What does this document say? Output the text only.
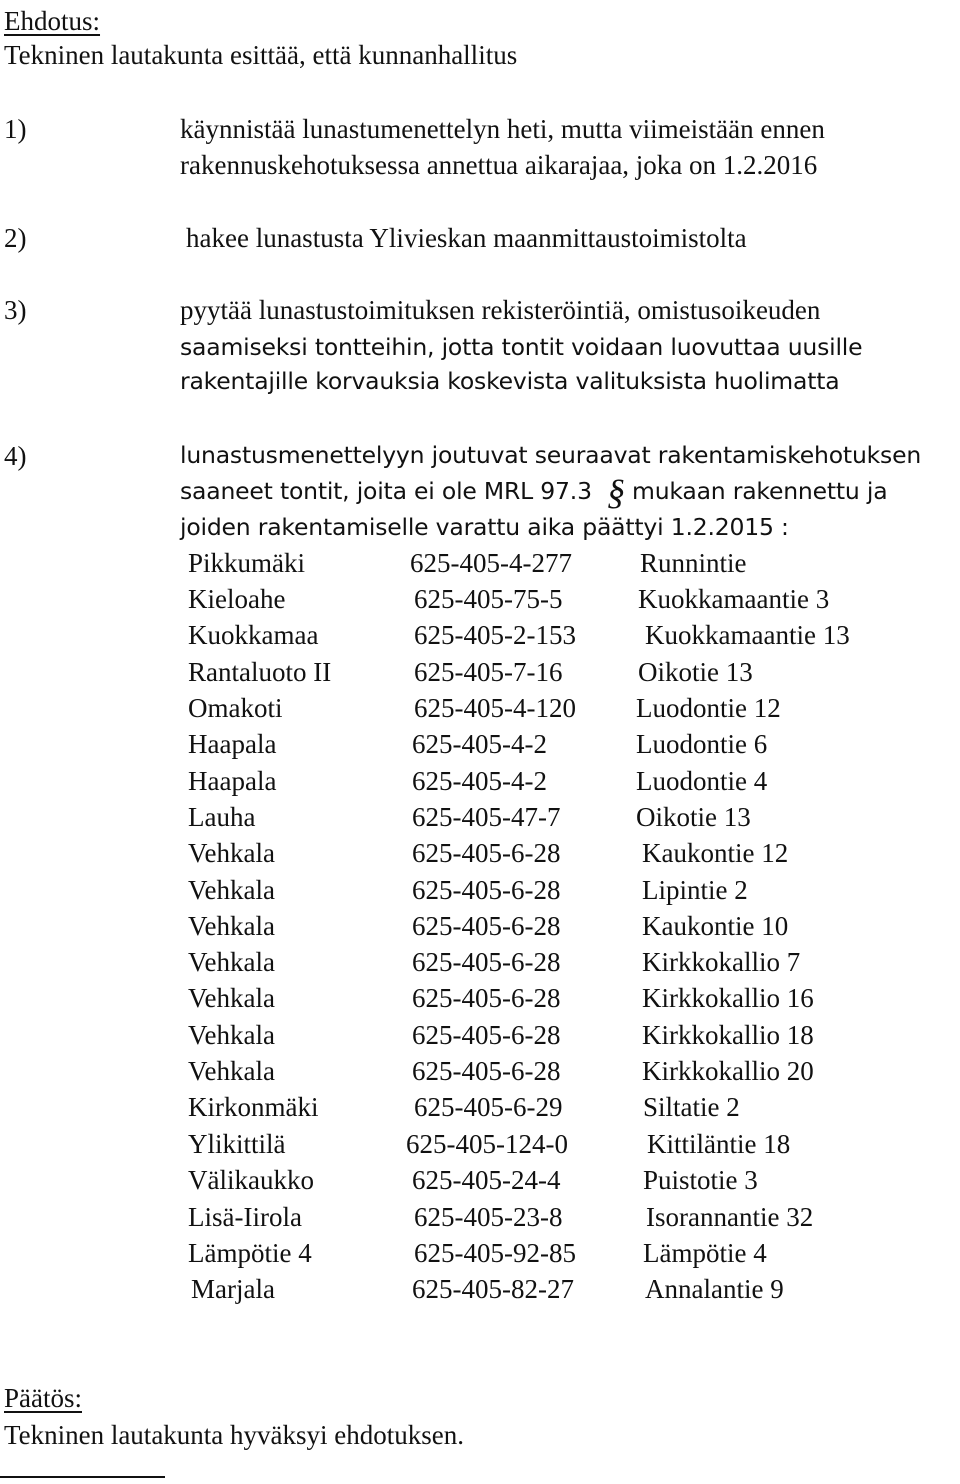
Ehdotus:
Tekninen lautakunta esittää, että kunnanhallitus
1)	käynnistää lunastumenettelyn heti, mutta viimeistään ennen
rakennuskehotuksessa annettua aikarajaa, joka on 1.2.2016
2)	hakee lunastusta Ylivieskan maanmittaustoimistolta
3)	pyytää lunastustoimituksen rekisteröintiä, omistusoikeuden
saamiseksi tontteihin, jotta tontit voidaan luovuttaa uusille
rakentajille korvauksia koskevista valituksista huolimatta
4)	lunastusmenettelyyn joutuvat seuraavat rakentamiskehotuksen
saaneet tontit, joita ei ole MRL 97.3 § mukaan rakennettu ja
joiden rakentamiselle varattu aika päättyi 1.2.2015 :
Pikkumäki	625-405-4-277	Runnintie
Kieloahe	625-405-75-5	Kuokkamaantie 3
Kuokkamaa	625-405-2-153	Kuokkamaantie 13
Rantaluoto II	625-405-7-16	Oikotie 13
Omakoti	625-405-4-120 Luodontie 12
Haapala	625-405-4-2	Luodontie 6
Haapala	625-405-4-2	Luodontie 4
Lauha	625-405-47-7	Oikotie 13
Vehkala	625-405-6-28	Kaukontie 12
Vehkala	625-405-6-28	Lipintie 2
Vehkala	625-405-6-28	Kaukontie 10
Vehkala	625-405-6-28	Kirkkokallio 7
Vehkala	625-405-6-28	Kirkkokallio 16
Vehkala	625-405-6-28	Kirkkokallio 18
Vehkala	625-405-6-28	Kirkkokallio 20
Kirkonmäki	625-405-6-29	Siltatie 2
Ylikittilä	625-405-124-0	Kittiläntie 18
Välikaukko	625-405-24-4	Puistotie 3
Lisä-Iirola	625-405-23-8	Isorannantie 32
Lämpötie 4	625-405-92-85 Lämpötie 4
Marjala	625-405-82-27	Annalantie 9
Päätös:
Tekninen lautakunta hyväksyi ehdotuksen.
